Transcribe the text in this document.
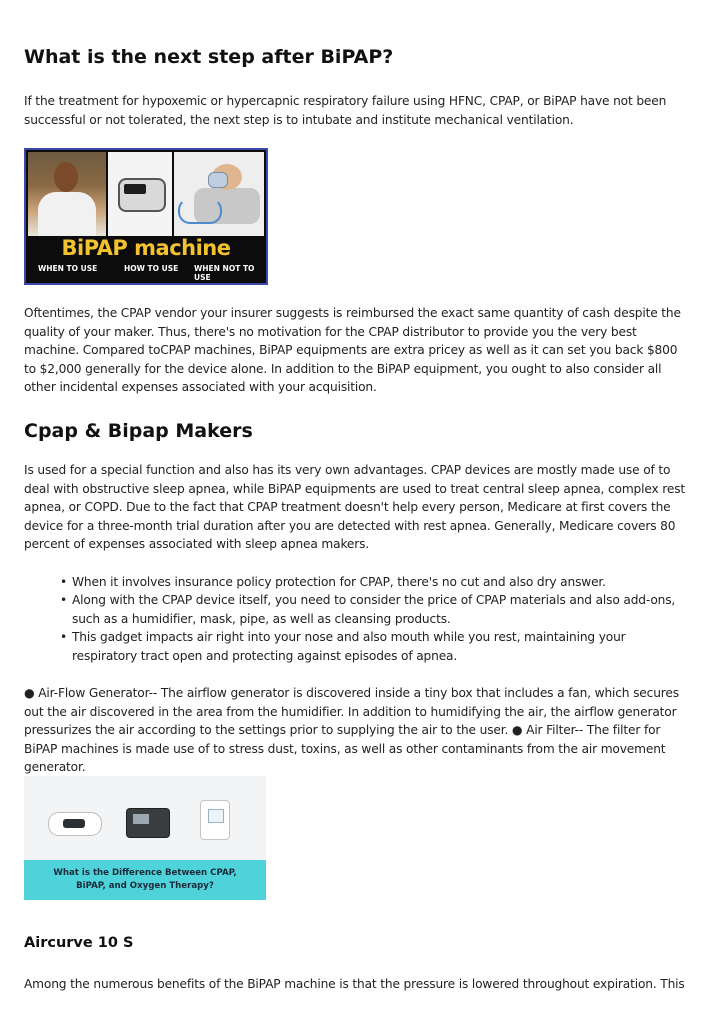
What is the next step after BiPAP?

If the treatment for hypoxemic or hypercapnic respiratory failure using HFNC, CPAP, or BiPAP have not been successful or not tolerated, the next step is to intubate and institute mechanical ventilation.

BiPAP machine
WHEN TO USE	HOW TO USE WHEN NOT TO USE

Oftentimes, the CPAP vendor your insurer suggests is reimbursed the exact same quantity of cash despite the quality of your maker. Thus, there's no motivation for the CPAP distributor to provide you the very best machine. Compared toCPAP machines, BiPAP equipments are extra pricey as well as it can set you back $800 to $2,000 generally for the device alone. In addition to the BiPAP equipment, you ought to also consider all other incidental expenses associated with your acquisition.

Cpap & Bipap Makers

Is used for a special function and also has its very own advantages. CPAP devices are mostly made use of to deal with obstructive sleep apnea, while BiPAP equipments are used to treat central sleep apnea, complex rest apnea, or COPD. Due to the fact that CPAP treatment doesn't help every person, Medicare at first covers the device for a three-month trial duration after you are detected with rest apnea. Generally, Medicare covers 80 percent of expenses associated with sleep apnea makers.

• When it involves insurance policy protection for CPAP, there's no cut and also dry answer.
• Along with the CPAP device itself, you need to consider the price of CPAP materials and also add-ons, such as a humidifier, mask, pipe, as well as cleansing products.
• This gadget impacts air right into your nose and also mouth while you rest, maintaining your respiratory tract open and protecting against episodes of apnea.

● Air-Flow Generator-- The airflow generator is discovered inside a tiny box that includes a fan, which secures out the air discovered in the area from the humidifier. In addition to humidifying the air, the airflow generator pressurizes the air according to the settings prior to supplying the air to the user. ● Air Filter-- The filter for BiPAP machines is made use of to stress dust, toxins, as well as other contaminants from the air movement generator.

What is the Difference Between CPAP, BiPAP, and Oxygen Therapy?
Aircurve 10 S

Among the numerous benefits of the BiPAP machine is that the pressure is lowered throughout expiration. This
